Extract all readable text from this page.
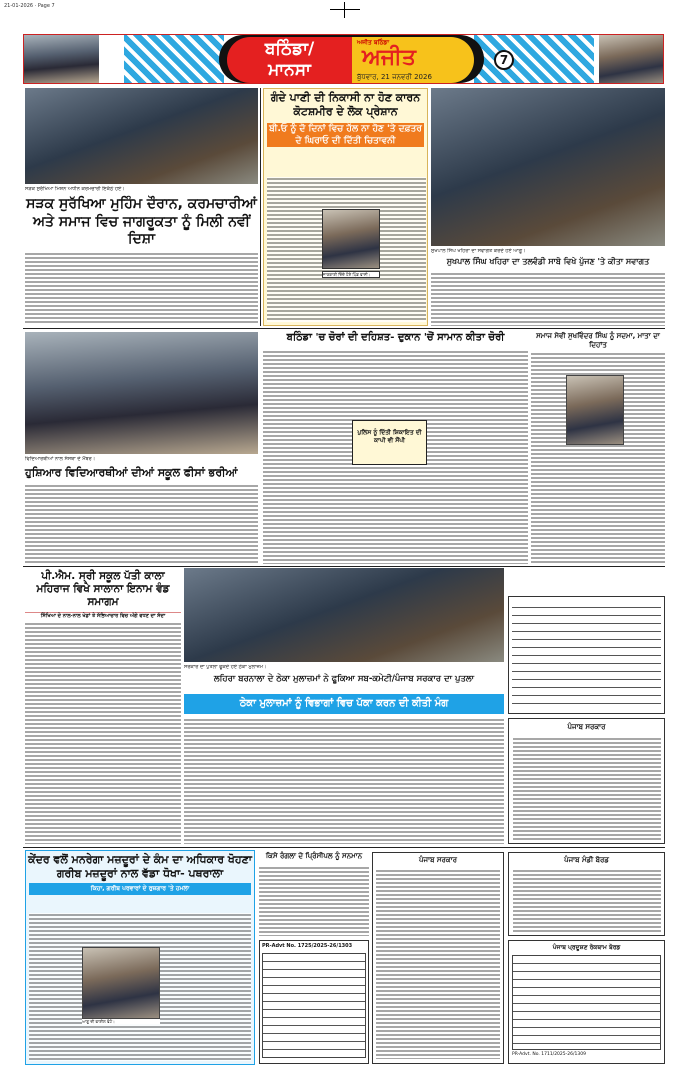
21-01-2026 · Page 7
ਬਠਿੰਡਾ/
ਮਾਨਸਾ
ਅਜੀਤ ਬਠਿੰਡਾ
ਅਜੀਤ
ਬੁੱਧਵਾਰ, 21 ਜਨਵਰੀ 2026
7
ਸੜਕ ਸੁਰੱਖਿਆ ਮਿਸ਼ਨ ਅਧੀਨ ਕਰਮਚਾਰੀ ਇਕੱਠੇ ਹੋਏ।
ਸੜਕ ਸੁਰੱਖਿਆ ਮੁਹਿੰਮ ਦੌਰਾਨ, ਕਰਮਚਾਰੀਆਂ ਅਤੇ ਸਮਾਜ ਵਿਚ ਜਾਗਰੂਕਤਾ ਨੂੰ ਮਿਲੀ ਨਵੀਂ ਦਿਸ਼ਾ
ਗੰਦੇ ਪਾਣੀ ਦੀ ਨਿਕਾਸੀ ਨਾ ਹੋਣ ਕਾਰਨ ਕੋਟਸ਼ਮੀਰ ਦੇ ਲੋਕ ਪ੍ਰੇਸ਼ਾਨ
ਬੀ.ਓ ਨੂੰ ਦੋ ਦਿਨਾਂ ਵਿਚ ਹੱਲ ਨਾ ਹੋਣ 'ਤੇ ਦਫ਼ਤਰ ਦੇ ਘਿਰਾਓ ਦੀ ਦਿੱਤੀ ਚਿਤਾਵਨੀ
ਜਾਣਕਾਰੀ ਦਿੰਦੇ ਹੋਏ ਪਿੰਡ ਵਾਸੀ।
ਸੁਖਪਾਲ ਸਿੰਘ ਖਹਿਰਾ ਦਾ ਸਵਾਗਤ ਕਰਦੇ ਹੋਏ ਆਗੂ।
ਸੁਖਪਾਲ ਸਿੰਘ ਖਹਿਰਾ ਦਾ ਤਲਵੰਡੀ ਸਾਬੋ ਵਿਖੇ ਪੁੱਜਣ 'ਤੇ ਕੀਤਾ ਸਵਾਗਤ
ਵਿਦਿਆਰਥੀਆਂ ਨਾਲ ਸੰਸਥਾ ਦੇ ਮੈਂਬਰ।
ਹੁਸ਼ਿਆਰ ਵਿਦਿਆਰਥੀਆਂ ਦੀਆਂ ਸਕੂਲ ਫੀਸਾਂ ਭਰੀਆਂ
ਬਠਿੰਡਾ 'ਚ ਚੋਰਾਂ ਦੀ ਦਹਿਸ਼ਤ- ਦੁਕਾਨ 'ਚੋਂ ਸਾਮਾਨ ਕੀਤਾ ਚੋਰੀ
ਪੁਲਿਸ ਨੂੰ ਦਿੱਤੀ ਸ਼ਿਕਾਇਤ ਦੀ ਕਾਪੀ ਵੀ ਸੌਂਪੀ
ਸਮਾਜ ਸੇਵੀ ਸੁਖਵਿੰਦਰ ਸਿੰਘ ਨੂੰ ਸਦਮਾ, ਮਾਤਾ ਦਾ ਦਿਹਾਂਤ
ਪੀ.ਐਮ. ਸ੍ਰੀ ਸਕੂਲ ਪੱਤੀ ਕਾਲਾ ਮਹਿਰਾਜ ਵਿਖੇ ਸਾਲਾਨਾ ਇਨਾਮ ਵੰਡ ਸਮਾਗਮ
ਸਿੱਖਿਆ ਦੇ ਨਾਲ-ਨਾਲ ਖੇਡਾਂ ਤੇ ਸੱਭਿਆਚਾਰ ਵਿਚ ਅੱਗੇ ਵਧਣ ਦਾ ਸੱਦਾ
ਸਰਕਾਰ ਦਾ ਪੁਤਲਾ ਫੂਕਦੇ ਹੋਏ ਠੇਕਾ ਮੁਲਾਜ਼ਮ।
ਲਹਿਰਾ ਬਰਨਾਲਾ ਦੇ ਠੇਕਾ ਮੁਲਾਜ਼ਮਾਂ ਨੇ ਫੂਕਿਆ ਸਬ-ਕਮੇਟੀ/ਪੰਜਾਬ ਸਰਕਾਰ ਦਾ ਪੁਤਲਾ
ਠੇਕਾ ਮੁਲਾਜ਼ਮਾਂ ਨੂੰ ਵਿਭਾਗਾਂ ਵਿਚ ਪੱਕਾ ਕਰਨ ਦੀ ਕੀਤੀ ਮੰਗ
ਪੰਜਾਬ ਸਰਕਾਰ
ਕੇਂਦਰ ਵਲੋਂ ਮਨਰੇਗਾ ਮਜ਼ਦੂਰਾਂ ਦੇ ਕੰਮ ਦਾ ਅਧਿਕਾਰ ਖੋਹਣਾ ਗਰੀਬ ਮਜ਼ਦੂਰਾਂ ਨਾਲ ਵੱਡਾ ਧੋਖਾ- ਪਥਰਾਲਾ
ਕਿਹਾ, ਗਰੀਬ ਪਰਵਾਰਾਂ ਦੇ ਰੁਜ਼ਗਾਰ 'ਤੇ ਹਮਲਾ
ਆਗੂ ਦੀ ਫਾਈਲ ਫੋਟੋ।
ਕਿਸੇ ਰੰਗਲਾ ਦੇ ਪ੍ਰਿੰਸੀਪਲ ਨੂੰ ਸਨਮਾਨ	ਪੰਜਾਬ ਸਰਕਾਰ
PR-Advt No. 1725/2025-26/1303
ਪੰਜਾਬ ਮੰਡੀ ਬੋਰਡ
ਪੰਜਾਬ ਪ੍ਰਦੂਸ਼ਣ ਰੋਕਥਾਮ ਬੋਰਡ
PR-Advt. No. 1711/2025-26/1309
